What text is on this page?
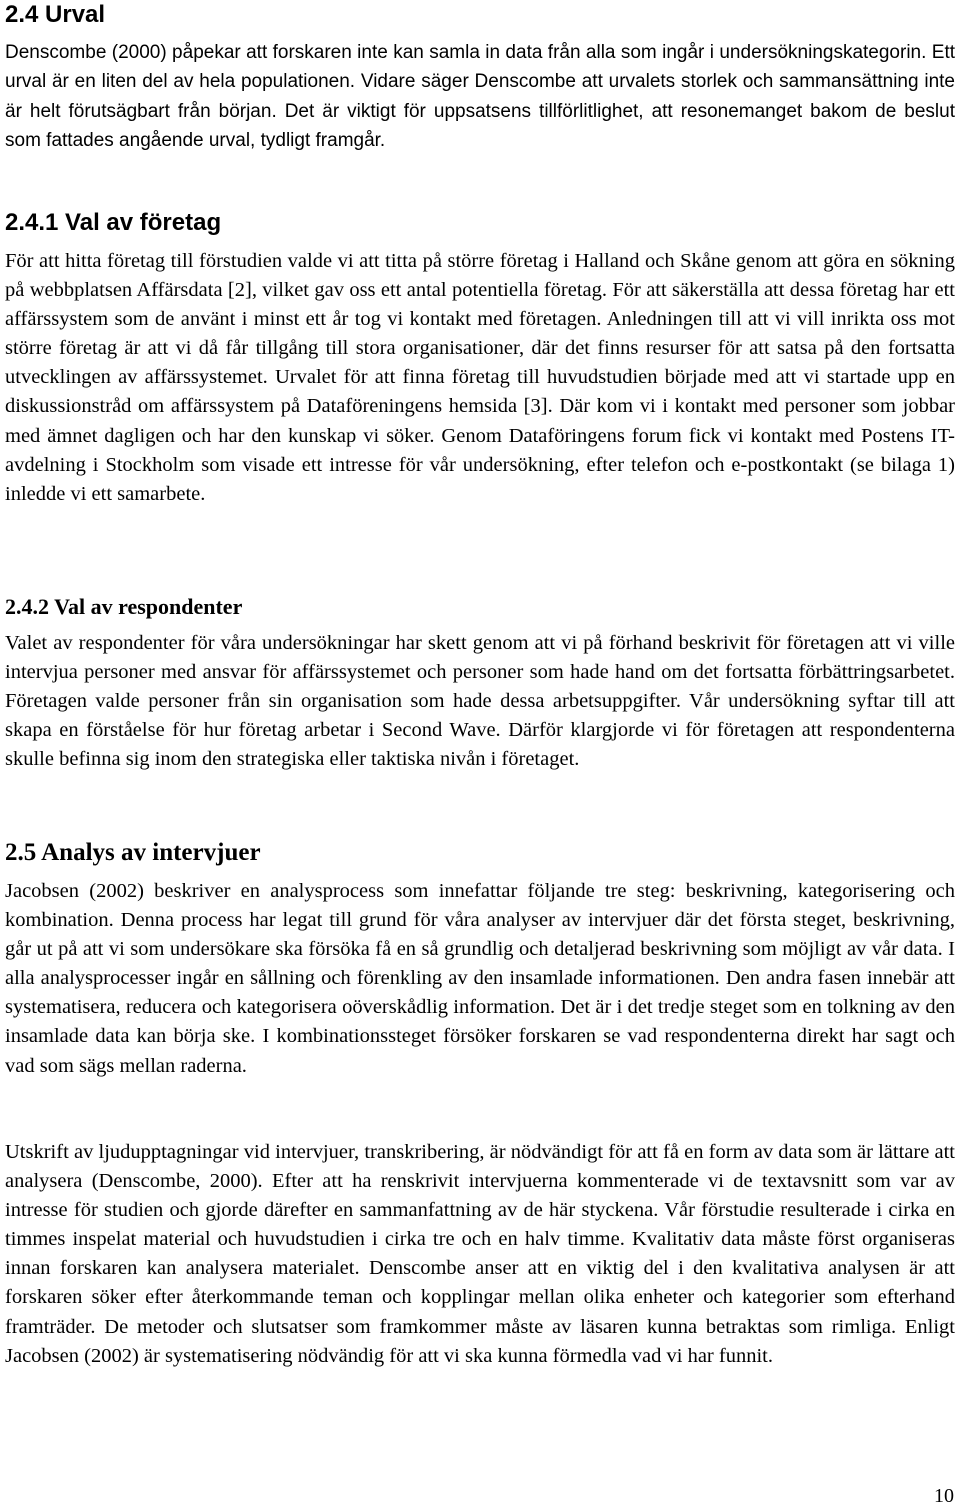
2.4 Urval

Denscombe (2000) påpekar att forskaren inte kan samla in data från alla som ingår i undersökningskategorin. Ett urval är en liten del av hela populationen. Vidare säger Denscombe att urvalets storlek och sammansättning inte är helt förutsägbart från början. Det är viktigt för uppsatsens tillförlitlighet, att resonemanget bakom de beslut som fattades angående urval, tydligt framgår.

2.4.1 Val av företag

För att hitta företag till förstudien valde vi att titta på större företag i Halland och Skåne genom att göra en sökning på webbplatsen Affärsdata [2], vilket gav oss ett antal potentiella företag. För att säkerställa att dessa företag har ett affärssystem som de använt i minst ett år tog vi kontakt med företagen. Anledningen till att vi vill inrikta oss mot större företag är att vi då får tillgång till stora organisationer, där det finns resurser för att satsa på den fortsatta utvecklingen av affärssystemet. Urvalet för att finna företag till huvudstudien började med att vi startade upp en diskussionstråd om affärssystem på Dataföreningens hemsida [3]. Där kom vi i kontakt med personer som jobbar med ämnet dagligen och har den kunskap vi söker. Genom Dataföringens forum fick vi kontakt med Postens IT-avdelning i Stockholm som visade ett intresse för vår undersökning, efter telefon och e-postkontakt (se bilaga 1) inledde vi ett samarbete.

2.4.2 Val av respondenter

Valet av respondenter för våra undersökningar har skett genom att vi på förhand beskrivit för företagen att vi ville intervjua personer med ansvar för affärssystemet och personer som hade hand om det fortsatta förbättringsarbetet. Företagen valde personer från sin organisation som hade dessa arbetsuppgifter. Vår undersökning syftar till att skapa en förståelse för hur företag arbetar i Second Wave. Därför klargjorde vi för företagen att respondenterna skulle befinna sig inom den strategiska eller taktiska nivån i företaget.

2.5 Analys av intervjuer

Jacobsen (2002) beskriver en analysprocess som innefattar följande tre steg: beskrivning, kategorisering och kombination. Denna process har legat till grund för våra analyser av intervjuer där det första steget, beskrivning, går ut på att vi som undersökare ska försöka få en så grundlig och detaljerad beskrivning som möjligt av vår data. I alla analysprocesser ingår en sållning och förenkling av den insamlade informationen. Den andra fasen innebär att systematisera, reducera och kategorisera oöverskådlig information. Det är i det tredje steget som en tolkning av den insamlade data kan börja ske. I kombinationssteget försöker forskaren se vad respondenterna direkt har sagt och vad som sägs mellan raderna.

Utskrift av ljudupptagningar vid intervjuer, transkribering, är nödvändigt för att få en form av data som är lättare att analysera (Denscombe, 2000). Efter att ha renskrivit intervjuerna kommenterade vi de textavsnitt som var av intresse för studien och gjorde därefter en sammanfattning av de här styckena. Vår förstudie resulterade i cirka en timmes inspelat material och huvudstudien i cirka tre och en halv timme. Kvalitativ data måste först organiseras innan forskaren kan analysera materialet. Denscombe anser att en viktig del i den kvalitativa analysen är att forskaren söker efter återkommande teman och kopplingar mellan olika enheter och kategorier som efterhand framträder. De metoder och slutsatser som framkommer måste av läsaren kunna betraktas som rimliga. Enligt Jacobsen (2002) är systematisering nödvändig för att vi ska kunna förmedla vad vi har funnit.

10
